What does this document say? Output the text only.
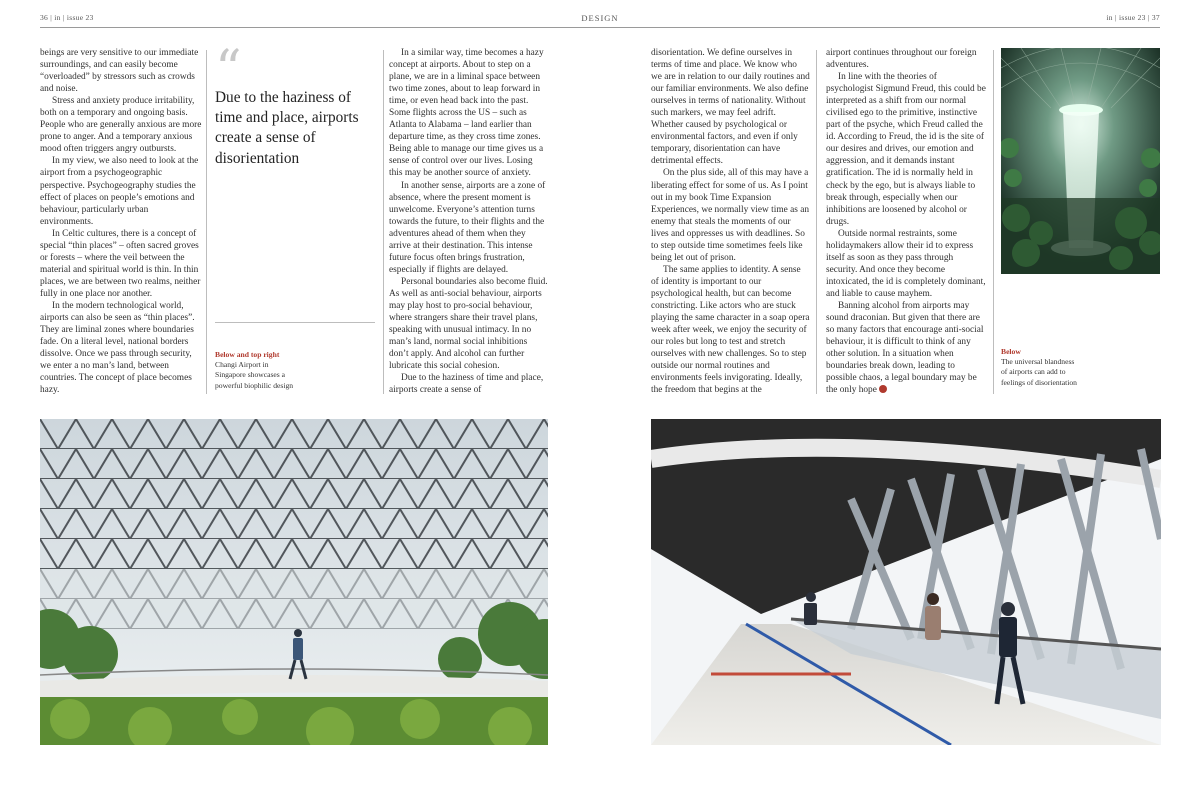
36 | in | issue 23	DESIGN	in | issue 23 | 37

beings are very sensitive to our immediate surroundings, and can easily become “overloaded” by stressors such as crowds and noise.

Stress and anxiety produce irritability, both on a temporary and ongoing basis. People who are generally anxious are more prone to anger. And a temporary anxious mood often triggers angry outbursts.

In my view, we also need to look at the airport from a psychogeographic perspective. Psychogeography studies the effect of places on people’s emotions and behaviour, particularly urban environments.

In Celtic cultures, there is a concept of special “thin places” – often sacred groves or forests – where the veil between the material and spiritual world is thin. In thin places, we are between two realms, neither fully in one place nor another.

In the modern technological world, airports can also be seen as “thin places”. They are liminal zones where boundaries fade. On a literal level, national borders dissolve. Once we pass through security, we enter a no man’s land, between countries. The concept of place becomes hazy.

“
Due to the haziness of time and place, airports create a sense of disorientation
Below and top right
Changi Airport in Singapore showcases a powerful biophilic design

In a similar way, time becomes a hazy concept at airports. About to step on a plane, we are in a liminal space between two time zones, about to leap forward in time, or even head back into the past. Some flights across the US – such as Atlanta to Alabama – land earlier than departure time, as they cross time zones. Being able to manage our time gives us a sense of control over our lives. Losing this may be another source of anxiety.

In another sense, airports are a zone of absence, where the present moment is unwelcome. Everyone’s attention turns towards the future, to their flights and the adventures ahead of them when they arrive at their destination. This intense future focus often brings frustration, especially if flights are delayed.

Personal boundaries also become fluid. As well as anti-social behaviour, airports may play host to pro-social behaviour, where strangers share their travel plans, speaking with unusual intimacy. In no man’s land, normal social inhibitions don’t apply. And alcohol can further lubricate this social cohesion.

Due to the haziness of time and place, airports create a sense of

disorientation. We define ourselves in terms of time and place. We know who we are in relation to our daily routines and our familiar environments. We also define ourselves in terms of nationality. Without such markers, we may feel adrift. Whether caused by psychological or environmental factors, and even if only temporary, disorientation can have detrimental effects.

On the plus side, all of this may have a liberating effect for some of us. As I point out in my book Time Expansion Experiences, we normally view time as an enemy that steals the moments of our lives and oppresses us with deadlines. So to step outside time sometimes feels like being let out of prison.

The same applies to identity. A sense of identity is important to our psychological health, but can become constricting. Like actors who are stuck playing the same character in a soap opera week after week, we enjoy the security of our roles but long to test and stretch ourselves with new challenges. So to step outside our normal routines and environments feels invigorating. Ideally, the freedom that begins at the

airport continues throughout our foreign adventures.

In line with the theories of psychologist Sigmund Freud, this could be interpreted as a shift from our normal civilised ego to the primitive, instinctive part of the psyche, which Freud called the id. According to Freud, the id is the site of our desires and drives, our emotion and aggression, and it demands instant gratification. The id is normally held in check by the ego, but is always liable to break through, especially when our inhibitions are loosened by alcohol or drugs.

Outside normal restraints, some holidaymakers allow their id to express itself as soon as they pass through security. And once they become intoxicated, the id is completely dominant, and liable to cause mayhem.

Banning alcohol from airports may sound draconian. But given that there are so many factors that encourage anti-social behaviour, it is difficult to think of any other solution. In a situation when boundaries break down, leading to possible chaos, a legal boundary may be the only hope

Below
The universal blandness of airports can add to feelings of disorientation
